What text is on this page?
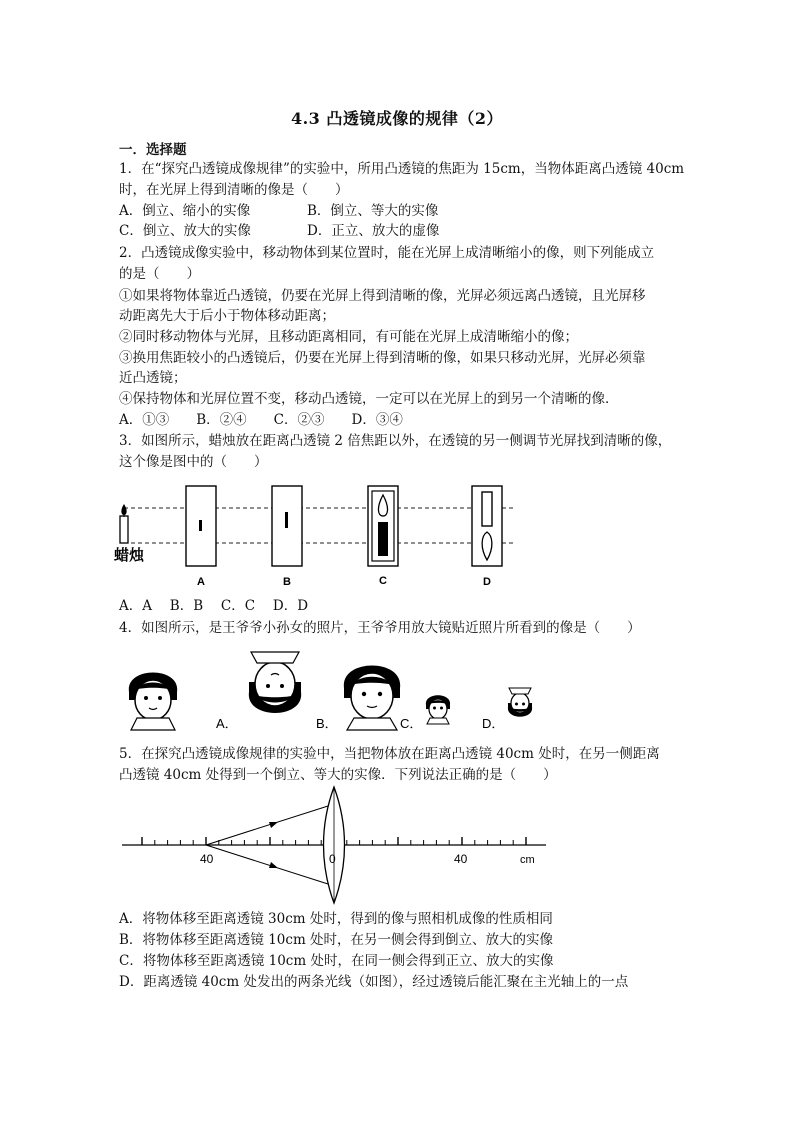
4.3 凸透镜成像的规律（2）
一．选择题
1．在“探究凸透镜成像规律”的实验中，所用凸透镜的焦距为 15cm，当物体距离凸透镜 40cm
时，在光屏上得到清晰的像是（　　）
A．倒立、缩小的实像	B．倒立、等大的实像
C．倒立、放大的实像	D．正立、放大的虚像
2．凸透镜成像实验中，移动物体到某位置时，能在光屏上成清晰缩小的像，则下列能成立
的是（　　）
①如果将物体靠近凸透镜，仍要在光屏上得到清晰的像，光屏必须远离凸透镜，且光屏移
动距离先大于后小于物体移动距离；
②同时移动物体与光屏，且移动距离相同，有可能在光屏上成清晰缩小的像；
③换用焦距较小的凸透镜后，仍要在光屏上得到清晰的像，如果只移动光屏，光屏必须靠
近凸透镜；
④保持物体和光屏位置不变，移动凸透镜，一定可以在光屏上的到另一个清晰的像．
A．①③　　B．②④　　C．②③　　D．③④
3．如图所示，蜡烛放在距离凸透镜 2 倍焦距以外，在透镜的另一侧调节光屏找到清晰的像，
这个像是图中的（　　）
蜡烛
A	B	C	D
A．A　 B．B　 C．C　 D．D
4．如图所示，是王爷爷小孙女的照片，王爷爷用放大镜贴近照片所看到的像是（　　）
A．	B．	C．	D．
5．在探究凸透镜成像规律的实验中，当把物体放在距离凸透镜 40cm 处时，在另一侧距离
凸透镜 40cm 处得到一个倒立、等大的实像．下列说法正确的是（　　）
40	0	40	cm
A．将物体移至距离透镜 30cm 处时，得到的像与照相机成像的性质相同
B．将物体移至距离透镜 10cm 处时，在另一侧会得到倒立、放大的实像
C．将物体移至距离透镜 10cm 处时，在同一侧会得到正立、放大的实像
D．距离透镜 40cm 处发出的两条光线（如图），经过透镜后能汇聚在主光轴上的一点
